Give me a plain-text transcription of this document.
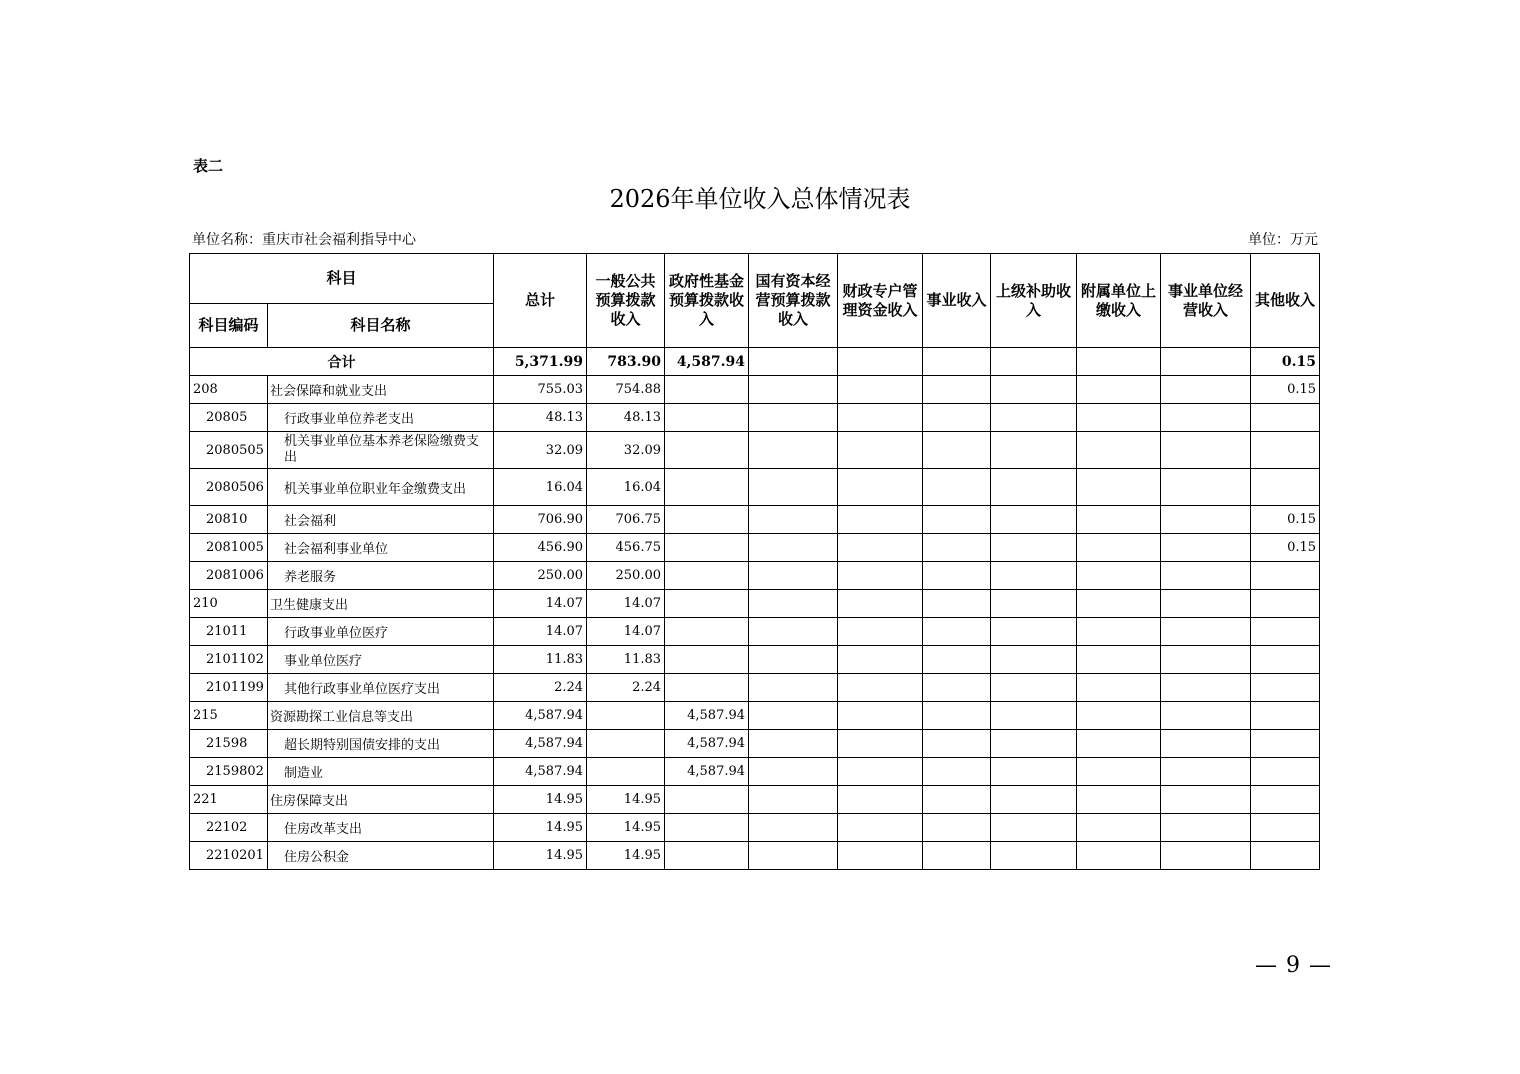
表二
2026年单位收入总体情况表
单位名称：重庆市社会福利指导中心	单位：万元
科目		总计	一般公共预算拨款收入	政府性基金预算拨款收入	国有资本经营预算拨款收入	财政专户管理资金收入	事业收入	上级补助收入	附属单位上缴收入	事业单位经营收入	其他收入
科目编码	科目名称										
合计		5,371.99	783.90	4,587.94							0.15
208	社会保障和就业支出	755.03	754.88								0.15
20805	行政事业单位养老支出	48.13	48.13								
2080505	机关事业单位基本养老保险缴费支出	32.09	32.09								
2080506	机关事业单位职业年金缴费支出	16.04	16.04								
20810	社会福利	706.90	706.75								0.15
2081005	社会福利事业单位	456.90	456.75								0.15
2081006	养老服务	250.00	250.00								
210	卫生健康支出	14.07	14.07								
21011	行政事业单位医疗	14.07	14.07								
2101102	事业单位医疗	11.83	11.83								
2101199	其他行政事业单位医疗支出	2.24	2.24								
215	资源勘探工业信息等支出	4,587.94		4,587.94							
21598	超长期特别国债安排的支出	4,587.94		4,587.94							
2159802	制造业	4,587.94		4,587.94							
221	住房保障支出	14.95	14.95								
22102	住房改革支出	14.95	14.95								
2210201	住房公积金	14.95	14.95								
— 9 —
